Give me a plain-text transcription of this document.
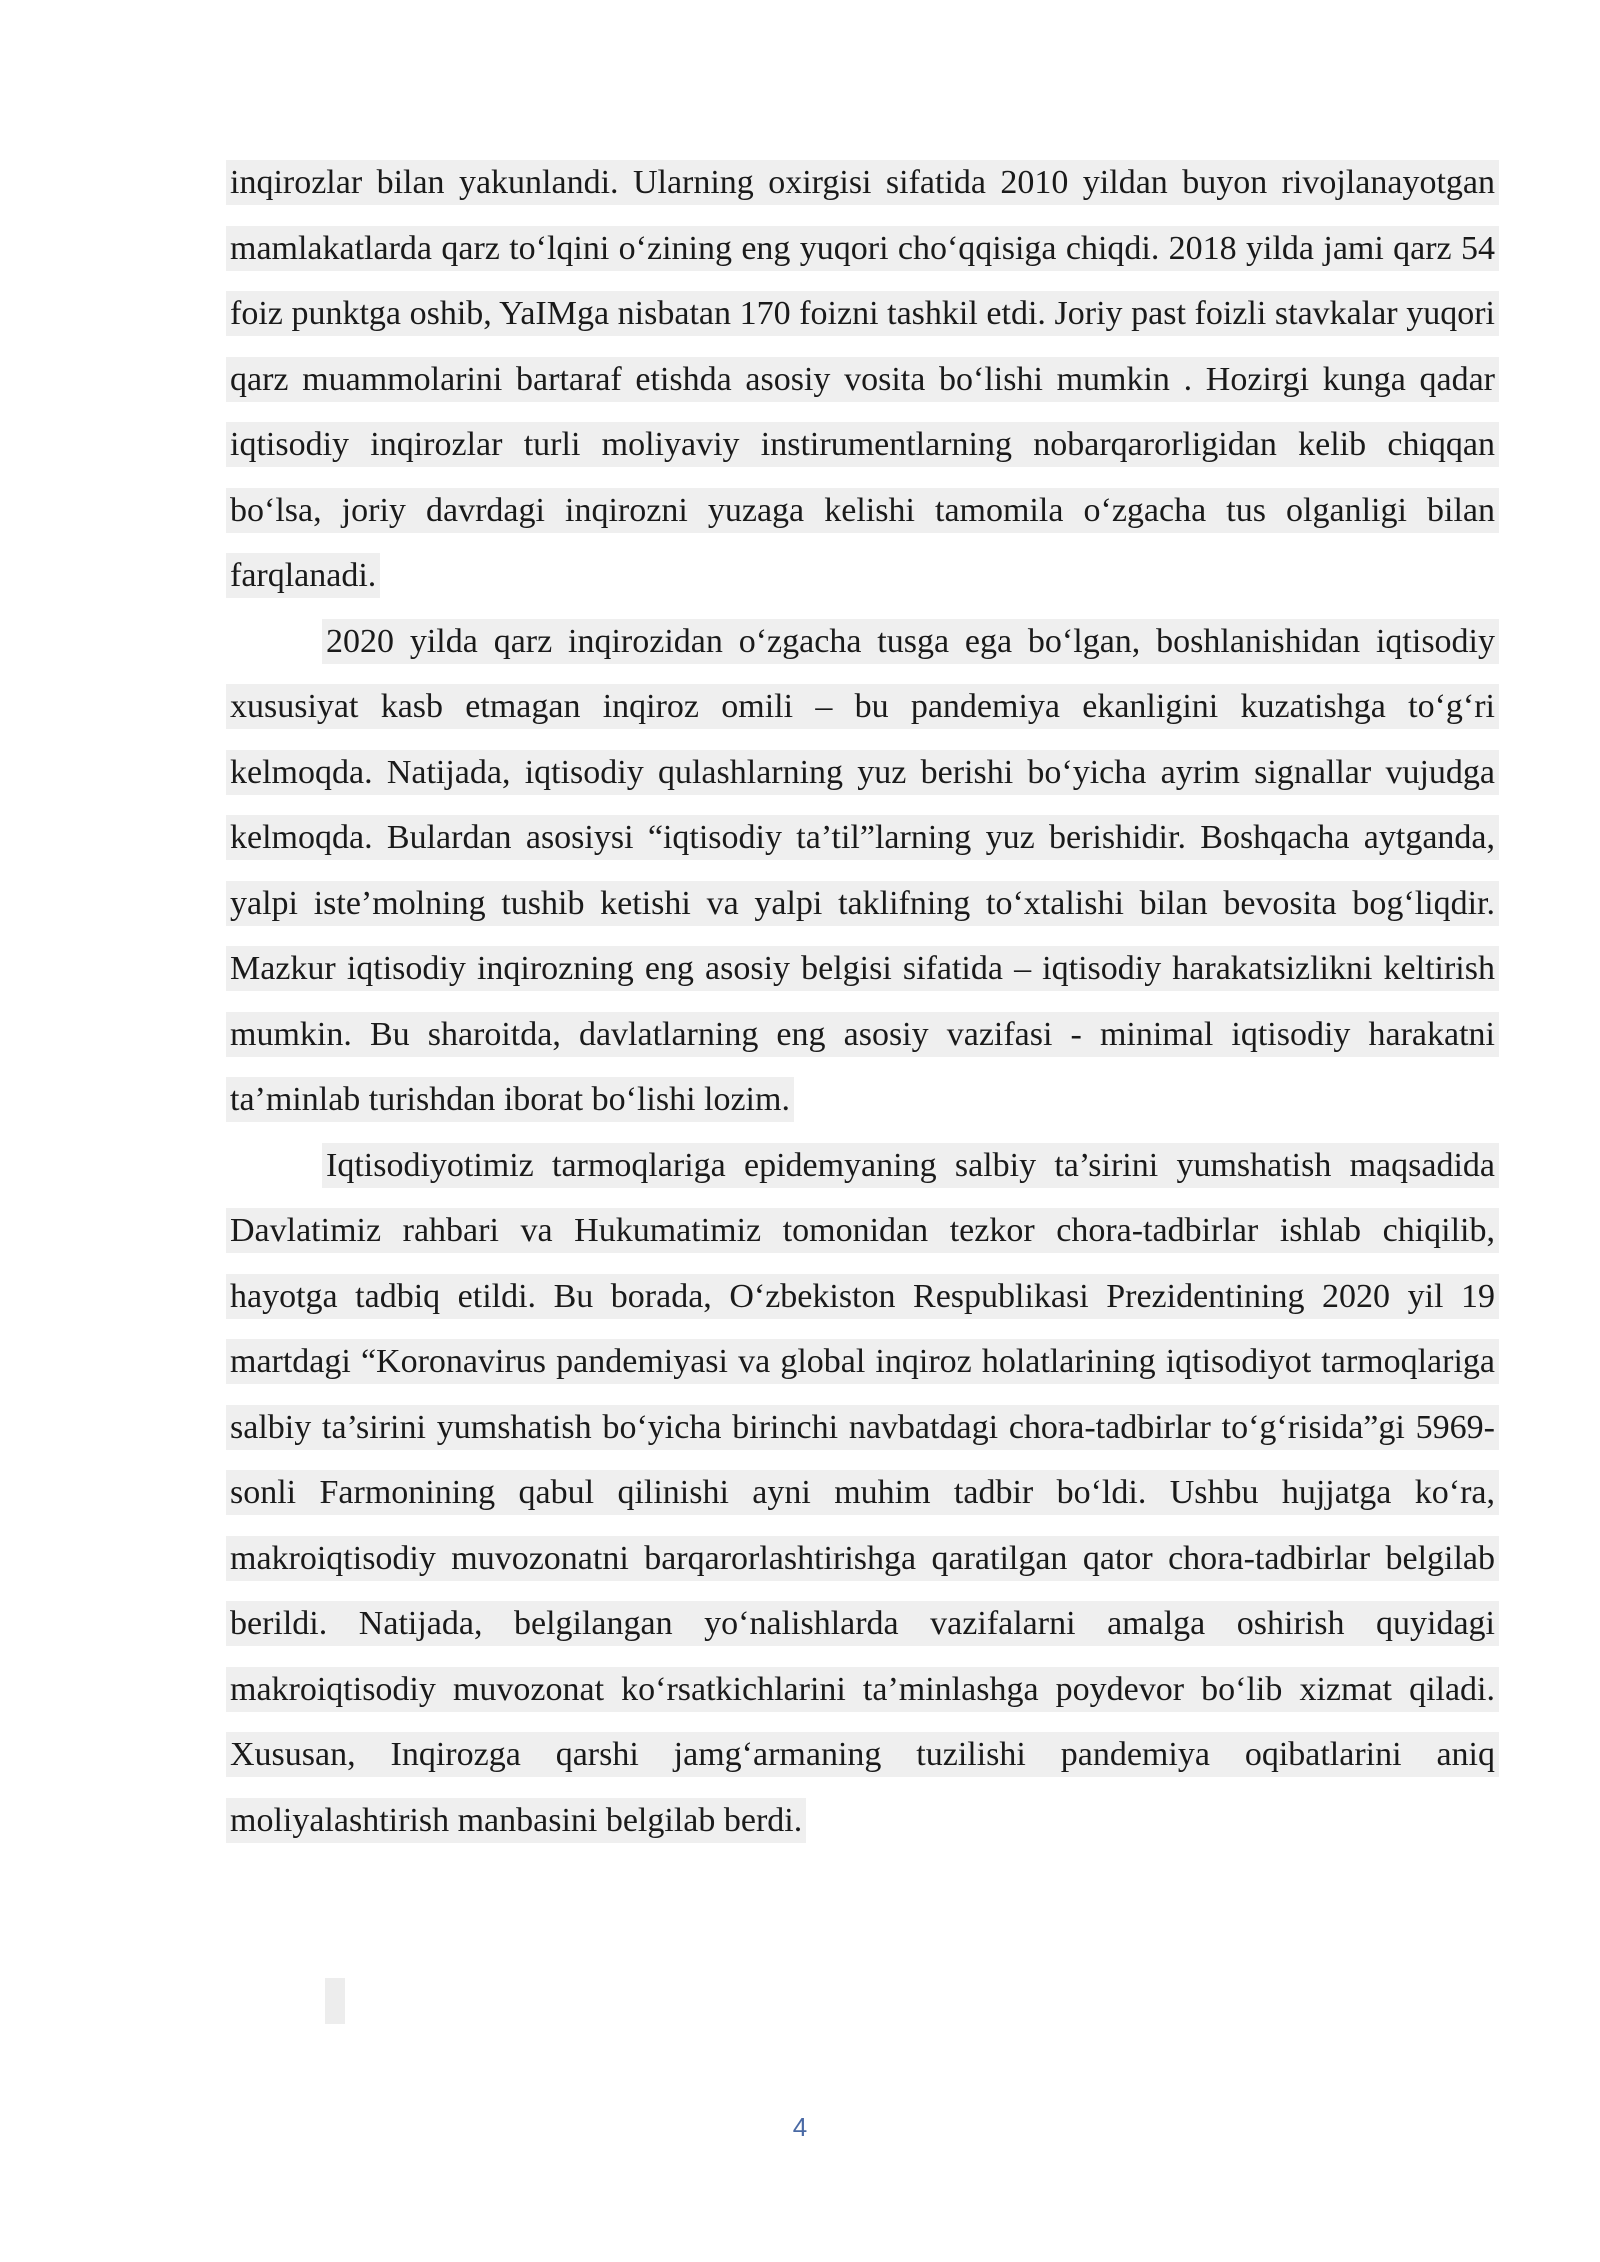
inqirozlar bilan yakunlandi. Ularning oxirgisi sifatida 2010 yildan buyon rivojlanayotgan mamlakatlarda qarz toʻlqini oʻzining eng yuqori choʻqqisiga chiqdi. 2018 yilda jami qarz 54 foiz punktga oshib, YaIMga nisbatan 170 foizni tashkil etdi. Joriy past foizli stavkalar yuqori qarz muammolarini bartaraf etishda asosiy vosita boʻlishi mumkin . Hozirgi kunga qadar iqtisodiy inqirozlar turli moliyaviy instirumentlarning nobarqarorligidan kelib chiqqan boʻlsa, joriy davrdagi inqirozni yuzaga kelishi tamomila oʻzgacha tus olganligi bilan farqlanadi.

2020 yilda qarz inqirozidan oʻzgacha tusga ega boʻlgan, boshlanishidan iqtisodiy xususiyat kasb etmagan inqiroz omili – bu pandemiya ekanligini kuzatishga toʻgʻri kelmoqda. Natijada, iqtisodiy qulashlarning yuz berishi boʻyicha ayrim signallar vujudga kelmoqda. Bulardan asosiysi “iqtisodiy ta’til”larning yuz berishidir. Boshqacha aytganda, yalpi iste’molning tushib ketishi va yalpi taklifning toʻxtalishi bilan bevosita bogʻliqdir. Mazkur iqtisodiy inqirozning eng asosiy belgisi sifatida – iqtisodiy harakatsizlikni keltirish mumkin. Bu sharoitda, davlatlarning eng asosiy vazifasi - minimal iqtisodiy harakatni ta’minlab turishdan iborat boʻlishi lozim.

Iqtisodiyotimiz tarmoqlariga epidemyaning salbiy ta’sirini yumshatish maqsadida Davlatimiz rahbari va Hukumatimiz tomonidan tezkor chora-tadbirlar ishlab chiqilib, hayotga tadbiq etildi. Bu borada, Oʻzbekiston Respublikasi Prezidentining 2020 yil 19 martdagi “Koronavirus pandemiyasi va global inqiroz holatlarining iqtisodiyot tarmoqlariga salbiy ta’sirini yumshatish boʻyicha birinchi navbatdagi chora-tadbirlar toʻgʻrisida”gi 5969-sonli Farmonining qabul qilinishi ayni muhim tadbir boʻldi. Ushbu hujjatga koʻra, makroiqtisodiy muvozonatni barqarorlashtirishga qaratilgan qator chora-tadbirlar belgilab berildi. Natijada, belgilangan yoʻnalishlarda vazifalarni amalga oshirish quyidagi makroiqtisodiy muvozonat koʻrsatkichlarini ta’minlashga poydevor boʻlib xizmat qiladi. Xususan, Inqirozga qarshi jamgʻarmaning tuzilishi pandemiya oqibatlarini aniq moliyalashtirish manbasini belgilab berdi.

4
